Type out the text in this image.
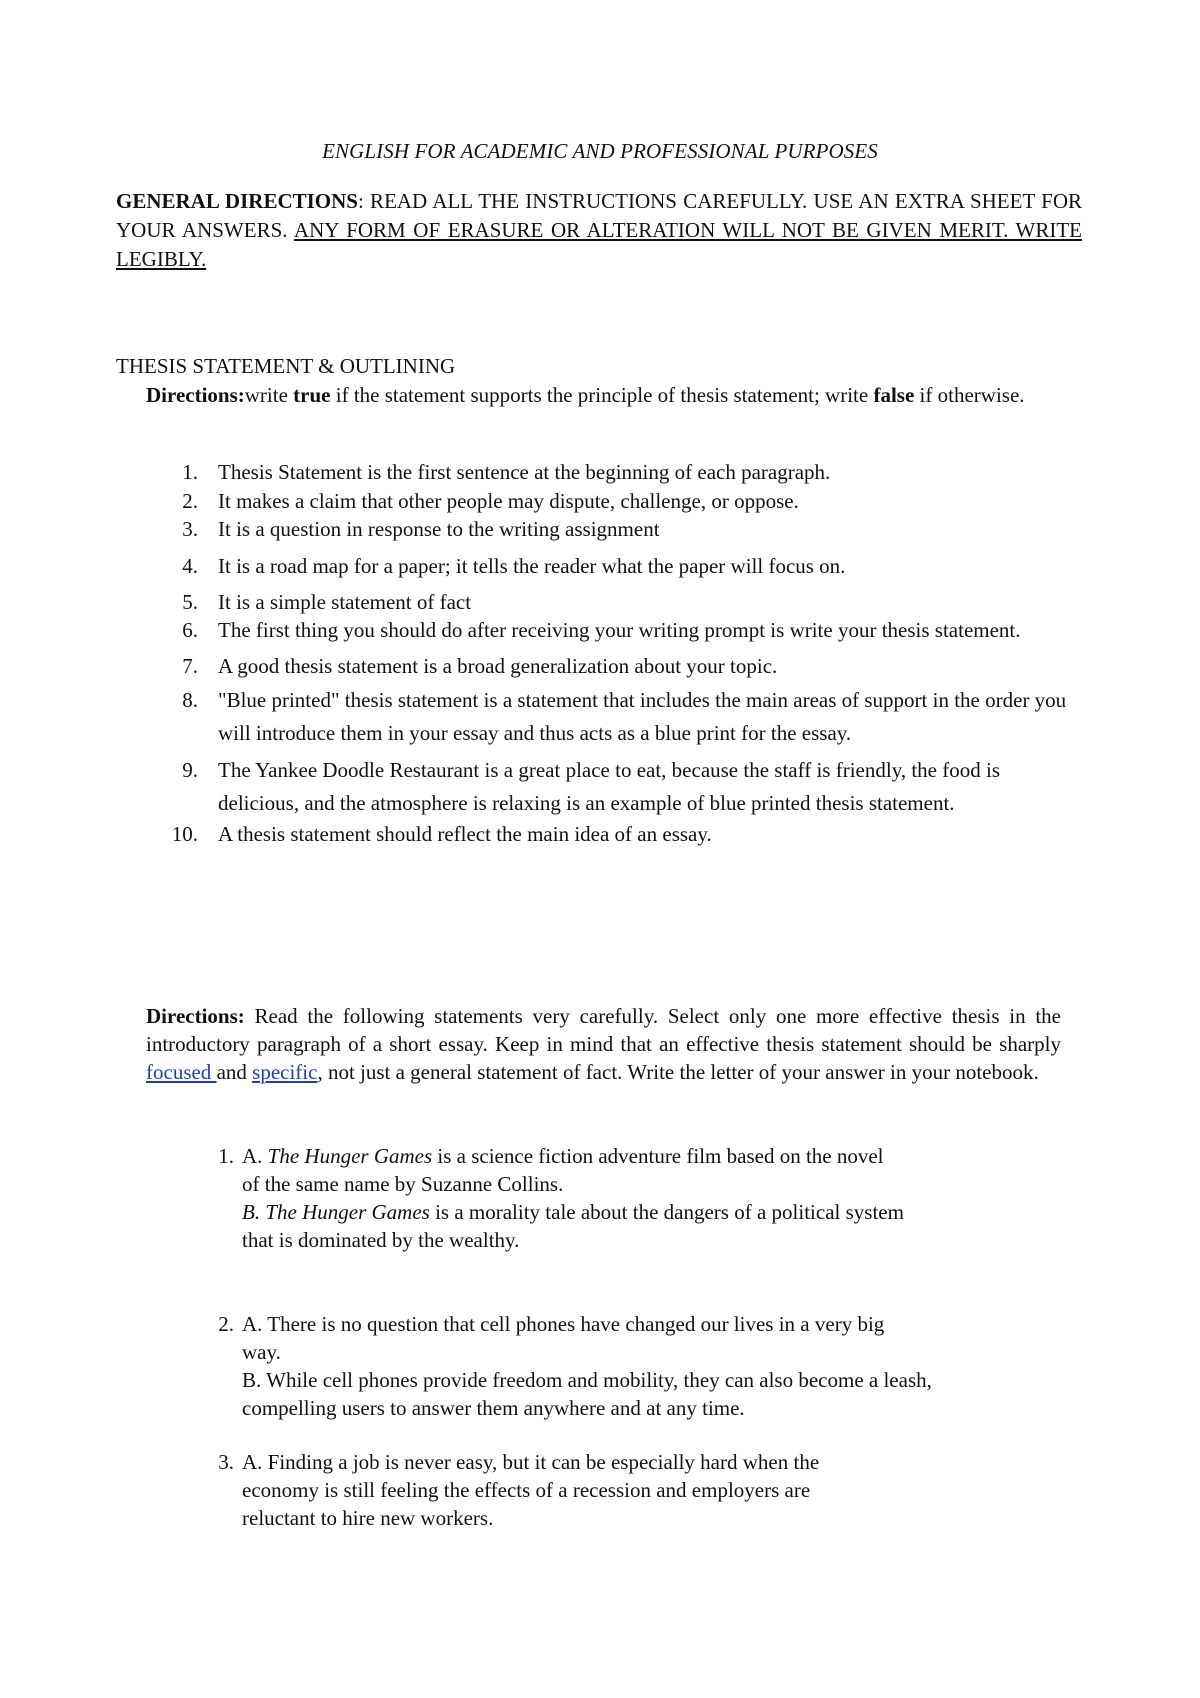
ENGLISH FOR ACADEMIC AND PROFESSIONAL PURPOSES
GENERAL DIRECTIONS: READ ALL THE INSTRUCTIONS CAREFULLY. USE AN EXTRA SHEET FOR YOUR ANSWERS. ANY FORM OF ERASURE OR ALTERATION WILL NOT BE GIVEN MERIT. WRITE LEGIBLY.
THESIS STATEMENT & OUTLINING
Directions:write true if the statement supports the principle of thesis statement; write false if otherwise.
1. Thesis Statement is the first sentence at the beginning of each paragraph.
2. It makes a claim that other people may dispute, challenge, or oppose.
3. It is a question in response to the writing assignment
4. It is a road map for a paper; it tells the reader what the paper will focus on.
5. It is a simple statement of fact
6. The first thing you should do after receiving your writing prompt is write your thesis statement.
7. A good thesis statement is a broad generalization about your topic.
8. "Blue printed" thesis statement is a statement that includes the main areas of support in the order you will introduce them in your essay and thus acts as a blue print for the essay.
9. The Yankee Doodle Restaurant is a great place to eat, because the staff is friendly, the food is delicious, and the atmosphere is relaxing is an example of blue printed thesis statement.
10. A thesis statement should reflect the main idea of an essay.
Directions: Read the following statements very carefully. Select only one more effective thesis in the introductory paragraph of a short essay. Keep in mind that an effective thesis statement should be sharply focused and specific, not just a general statement of fact. Write the letter of your answer in your notebook.
1. A. The Hunger Games is a science fiction adventure film based on the novel
of the same name by Suzanne Collins.
B. The Hunger Games is a morality tale about the dangers of a political system
that is dominated by the wealthy.
2. A. There is no question that cell phones have changed our lives in a very big
way.
B. While cell phones provide freedom and mobility, they can also become a leash,
compelling users to answer them anywhere and at any time.
3. A. Finding a job is never easy, but it can be especially hard when the
economy is still feeling the effects of a recession and employers are
reluctant to hire new workers.
